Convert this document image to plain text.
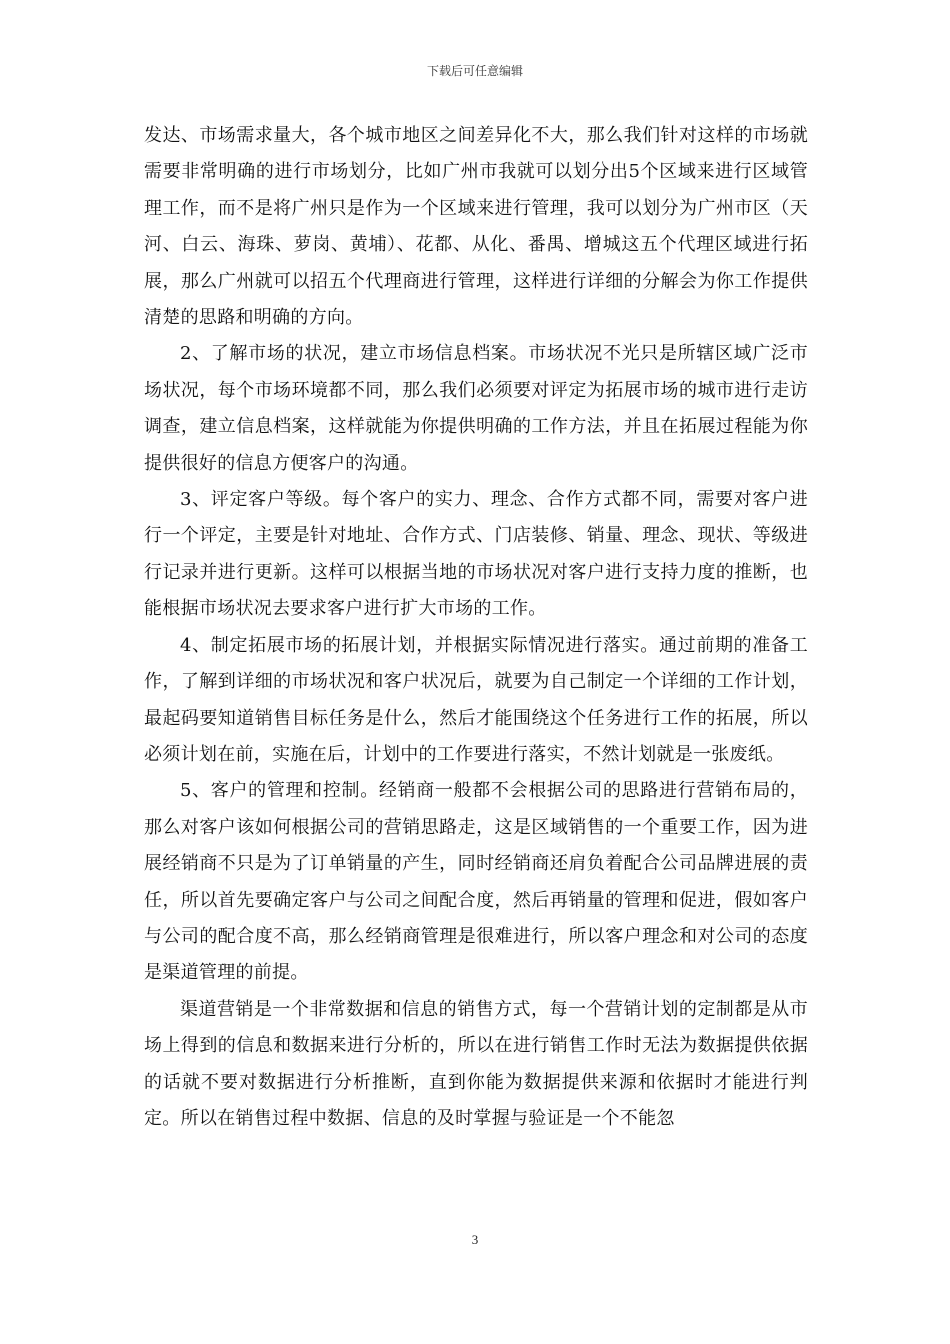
下载后可任意编辑

发达、市场需求量大，各个城市地区之间差异化不大，那么我们针对这样的市场就需要非常明确的进行市场划分，比如广州市我就可以划分出5个区域来进行区域管理工作，而不是将广州只是作为一个区域来进行管理，我可以划分为广州市区（天河、白云、海珠、萝岗、黄埔）、花都、从化、番禺、增城这五个代理区域进行拓展，那么广州就可以招五个代理商进行管理，这样进行详细的分解会为你工作提供清楚的思路和明确的方向。

2、了解市场的状况，建立市场信息档案。市场状况不光只是所辖区域广泛市场状况，每个市场环境都不同，那么我们必须要对评定为拓展市场的城市进行走访调查，建立信息档案，这样就能为你提供明确的工作方法，并且在拓展过程能为你提供很好的信息方便客户的沟通。

3、评定客户等级。每个客户的实力、理念、合作方式都不同，需要对客户进行一个评定，主要是针对地址、合作方式、门店装修、销量、理念、现状、等级进行记录并进行更新。这样可以根据当地的市场状况对客户进行支持力度的推断，也能根据市场状况去要求客户进行扩大市场的工作。

4、制定拓展市场的拓展计划，并根据实际情况进行落实。通过前期的准备工作，了解到详细的市场状况和客户状况后，就要为自己制定一个详细的工作计划，最起码要知道销售目标任务是什么，然后才能围绕这个任务进行工作的拓展，所以必须计划在前，实施在后，计划中的工作要进行落实，不然计划就是一张废纸。

5、客户的管理和控制。经销商一般都不会根据公司的思路进行营销布局的，那么对客户该如何根据公司的营销思路走，这是区域销售的一个重要工作，因为进展经销商不只是为了订单销量的产生，同时经销商还肩负着配合公司品牌进展的责任，所以首先要确定客户与公司之间配合度，然后再销量的管理和促进，假如客户与公司的配合度不高，那么经销商管理是很难进行，所以客户理念和对公司的态度是渠道管理的前提。

渠道营销是一个非常数据和信息的销售方式，每一个营销计划的定制都是从市场上得到的信息和数据来进行分析的，所以在进行销售工作时无法为数据提供依据的话就不要对数据进行分析推断，直到你能为数据提供来源和依据时才能进行判定。所以在销售过程中数据、信息的及时掌握与验证是一个不能忽

3
